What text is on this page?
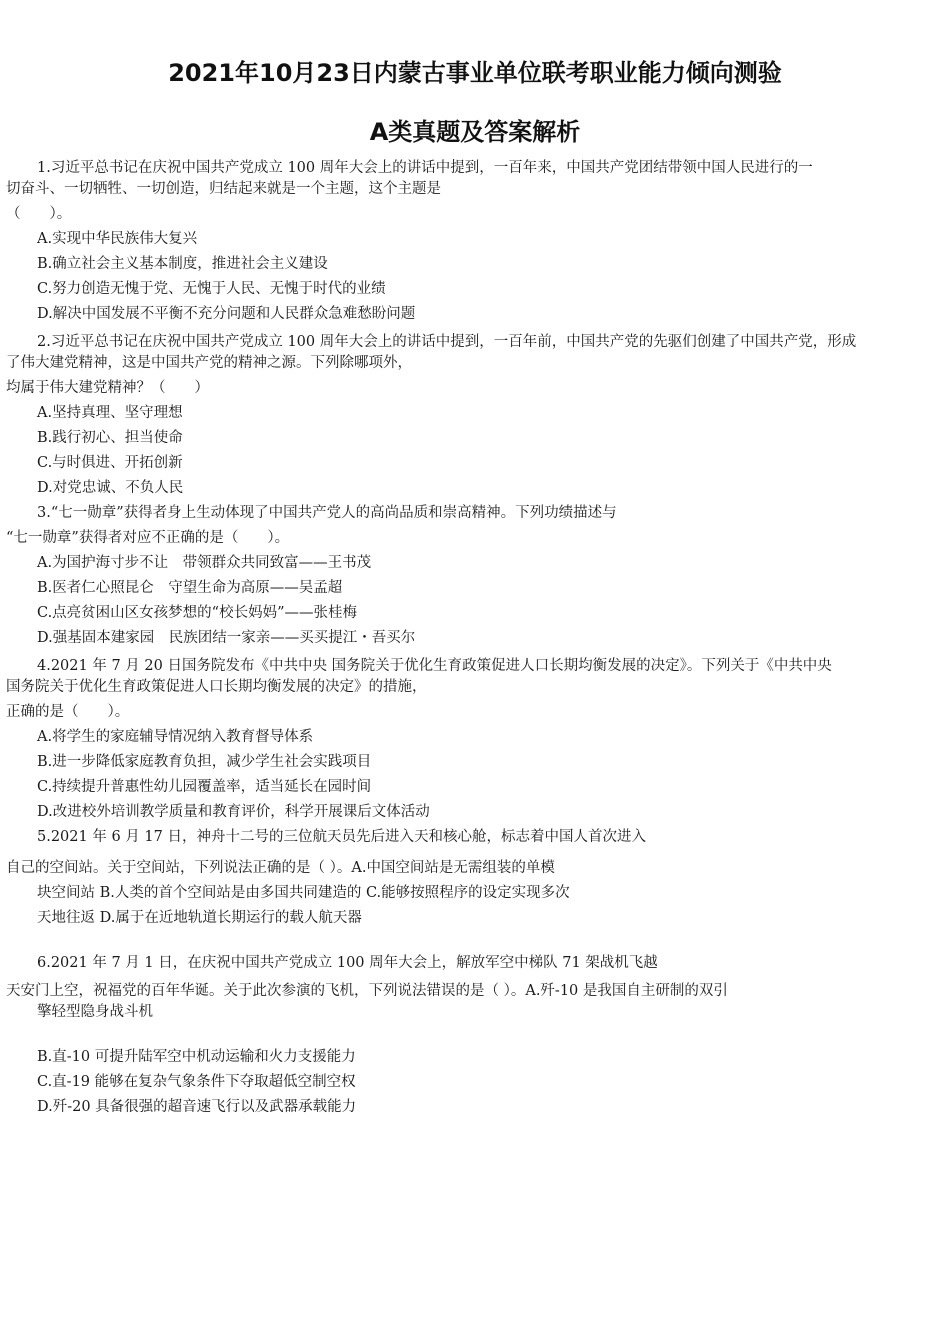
2021年10月23日内蒙古事业单位联考职业能力倾向测验
A类真题及答案解析
1.习近平总书记在庆祝中国共产党成立 100 周年大会上的讲话中提到，一百年来，中国共产党团结带领中国人民进行的一
切奋斗、一切牺牲、一切创造，归结起来就是一个主题，这个主题是
（　　）。
A.实现中华民族伟大复兴
B.确立社会主义基本制度，推进社会主义建设
C.努力创造无愧于党、无愧于人民、无愧于时代的业绩
D.解决中国发展不平衡不充分问题和人民群众急难愁盼问题
2.习近平总书记在庆祝中国共产党成立 100 周年大会上的讲话中提到，一百年前，中国共产党的先驱们创建了中国共产党，形成
了伟大建党精神，这是中国共产党的精神之源。下列除哪项外，
均属于伟大建党精神？（　　）
A.坚持真理、坚守理想
B.践行初心、担当使命
C.与时俱进、开拓创新
D.对党忠诚、不负人民
3.“七一勋章”获得者身上生动体现了中国共产党人的高尚品质和崇高精神。下列功绩描述与
“七一勋章”获得者对应不正确的是（　　）。
A.为国护海寸步不让　带领群众共同致富——王书茂
B.医者仁心照昆仑　守望生命为高原——吴孟超
C.点亮贫困山区女孩梦想的“校长妈妈”——张桂梅
D.强基固本建家园　民族团结一家亲——买买提江・吾买尔
4.2021 年 7 月 20 日国务院发布《中共中央 国务院关于优化生育政策促进人口长期均衡发展的决定》。下列关于《中共中央
国务院关于优化生育政策促进人口长期均衡发展的决定》的措施，
正确的是（　　）。
A.将学生的家庭辅导情况纳入教育督导体系
B.进一步降低家庭教育负担，减少学生社会实践项目
C.持续提升普惠性幼儿园覆盖率，适当延长在园时间
D.改进校外培训教学质量和教育评价，科学开展课后文体活动
5.2021 年 6 月 17 日，神舟十二号的三位航天员先后进入天和核心舱，标志着中国人首次进入
自己的空间站。关于空间站，下列说法正确的是（ ）。A.中国空间站是无需组装的单模
块空间站 B.人类的首个空间站是由多国共同建造的 C.能够按照程序的设定实现多次
天地往返 D.属于在近地轨道长期运行的载人航天器
6.2021 年 7 月 1 日，在庆祝中国共产党成立 100 周年大会上，解放军空中梯队 71 架战机飞越
天安门上空，祝福党的百年华诞。关于此次参演的飞机，下列说法错误的是（ ）。A.歼-10 是我国自主研制的双引
擎轻型隐身战斗机
B.直-10 可提升陆军空中机动运输和火力支援能力
C.直-19 能够在复杂气象条件下夺取超低空制空权
D.歼-20 具备很强的超音速飞行以及武器承载能力
